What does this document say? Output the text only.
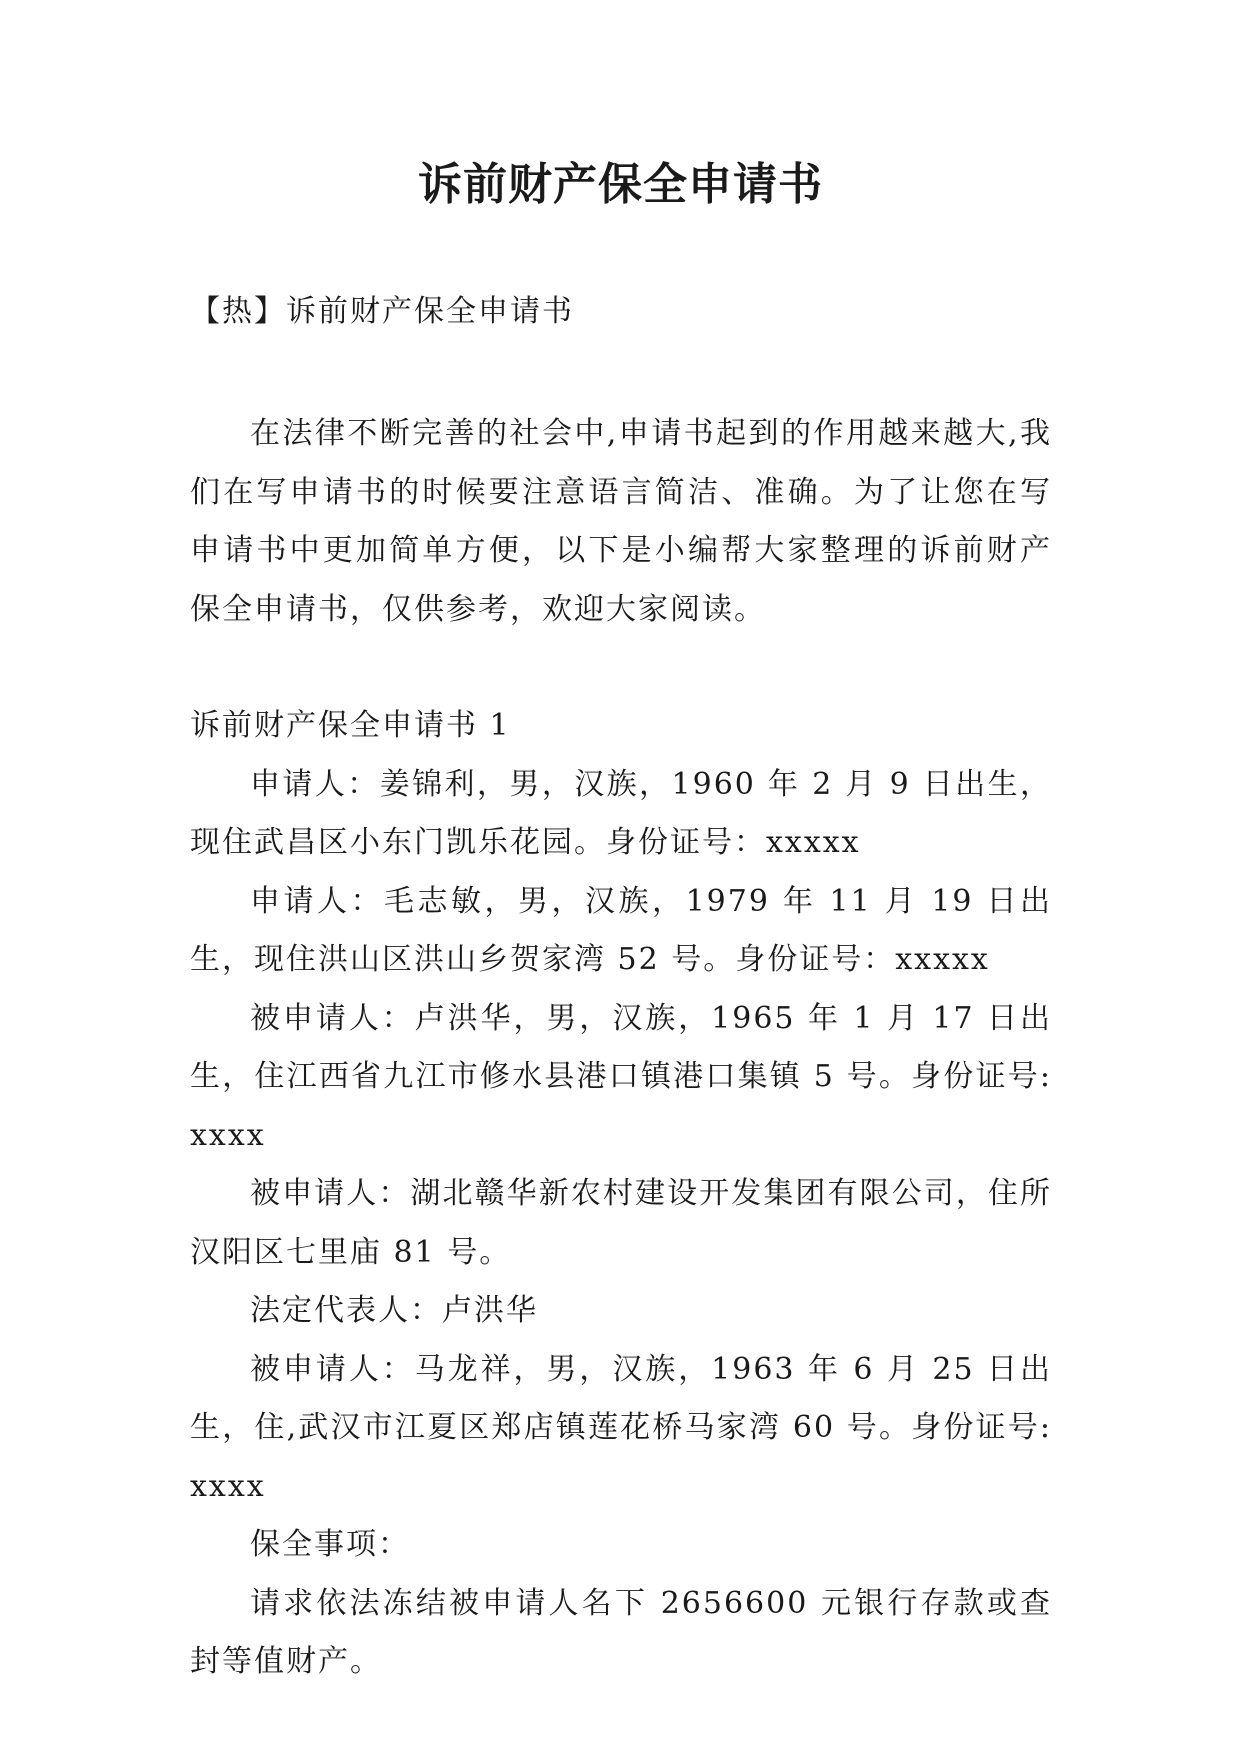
诉前财产保全申请书

【热】诉前财产保全申请书

在法律不断完善的社会中,申请书起到的作用越来越大,我们在写申请书的时候要注意语言简洁、准确。为了让您在写申请书中更加简单方便，以下是小编帮大家整理的诉前财产保全申请书，仅供参考，欢迎大家阅读。

诉前财产保全申请书 1

申请人：姜锦利，男，汉族，1960 年 2 月 9 日出生，现住武昌区小东门凯乐花园。身份证号：xxxxx

申请人：毛志敏，男，汉族，1979 年 11 月 19 日出生，现住洪山区洪山乡贺家湾 52 号。身份证号：xxxxx

被申请人：卢洪华，男，汉族，1965 年 1 月 17 日出生，住江西省九江市修水县港口镇港口集镇 5 号。身份证号: xxxx

被申请人：湖北赣华新农村建设开发集团有限公司，住所汉阳区七里庙 81 号。

法定代表人：卢洪华

被申请人：马龙祥，男，汉族，1963 年 6 月 25 日出生，住,武汉市江夏区郑店镇莲花桥马家湾 60 号。身份证号: xxxx

保全事项：

请求依法冻结被申请人名下 2656600 元银行存款或查封等值财产。
